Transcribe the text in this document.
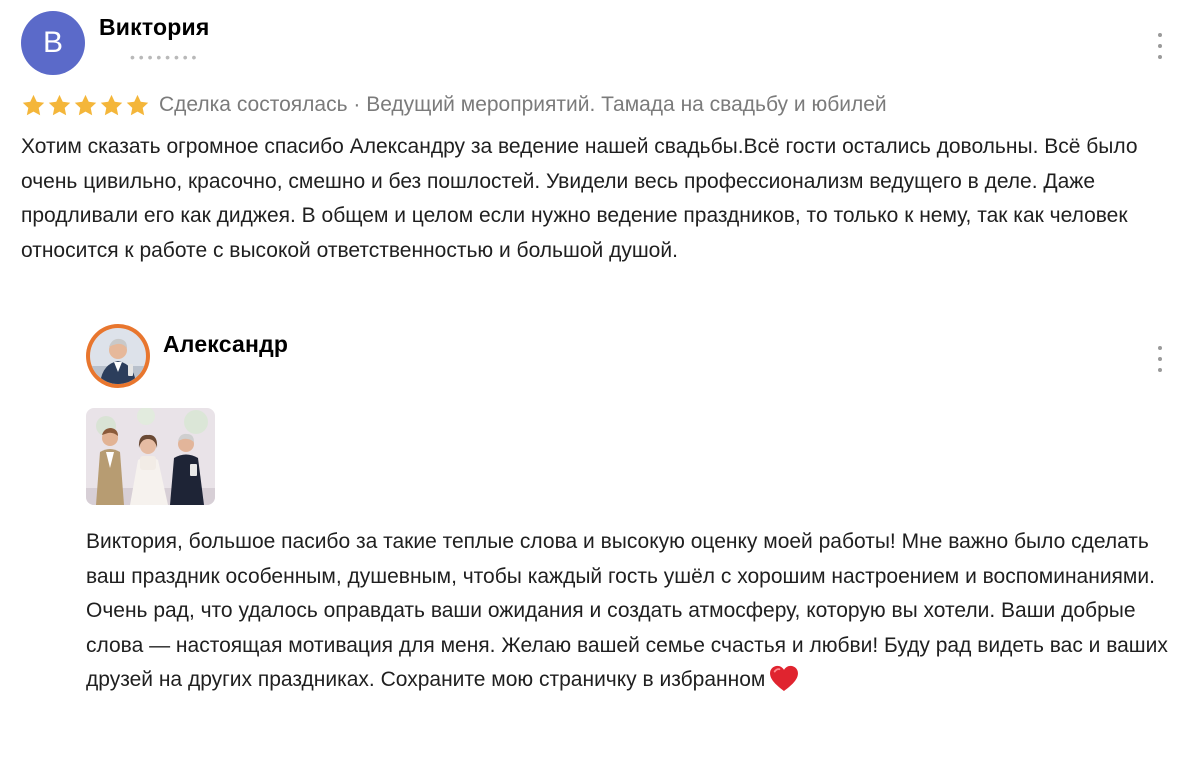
В	Виктория
• • • • • • • •
Сделка состоялась · Ведущий мероприятий. Тамада на свадьбу и юбилей

Хотим сказать огромное спасибо Александру за ведение нашей свадьбы.Всё гости остались довольны. Всё было очень цивильно, красочно, смешно и без пошлостей. Увидели весь профессионализм ведущего в деле. Даже продливали его как диджея. В общем и целом если нужно ведение праздников, то только к нему, так как человек относится к работе с высокой ответственностью и большой душой.

Александр

Виктория, большое пасибо за такие теплые слова и высокую оценку моей работы! Мне важно было сделать ваш праздник особенным, душевным, чтобы каждый гость ушёл с хорошим настроением и воспоминаниями. Очень рад, что удалось оправдать ваши ожидания и создать атмосферу, которую вы хотели. Ваши добрые слова — настоящая мотивация для меня. Желаю вашей семье счастья и любви! Буду рад видеть вас и ваших друзей на других праздниках. Сохраните мою страничку в избранном
